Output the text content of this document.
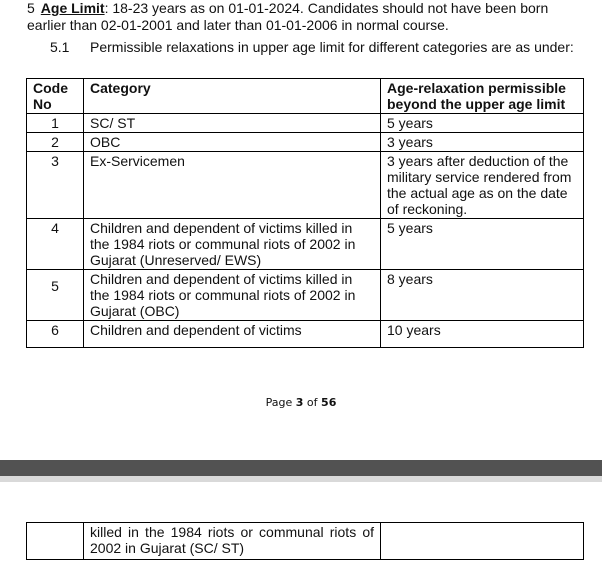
5 Age Limit: 18-23 years as on 01-01-2024. Candidates should not have been born earlier than 02-01-2001 and later than 01-01-2006 in normal course.
5.1	Permissible relaxations in upper age limit for different categories are as under:
Code No	Category	Age-relaxation permissible beyond the upper age limit
1	SC/ ST	5 years
2	OBC	3 years
3	Ex-Servicemen	3 years after deduction of the military service rendered from the actual age as on the date of reckoning.
4	Children and dependent of victims killed in the 1984 riots or communal riots of 2002 in Gujarat (Unreserved/ EWS)	5 years
5	Children and dependent of victims killed in the 1984 riots or communal riots of 2002 in Gujarat (OBC)	8 years
6	Children and dependent of victims	10 years
Page 3 of 56
	killed in the 1984 riots or communal riots of 2002 in Gujarat (SC/ ST)	
